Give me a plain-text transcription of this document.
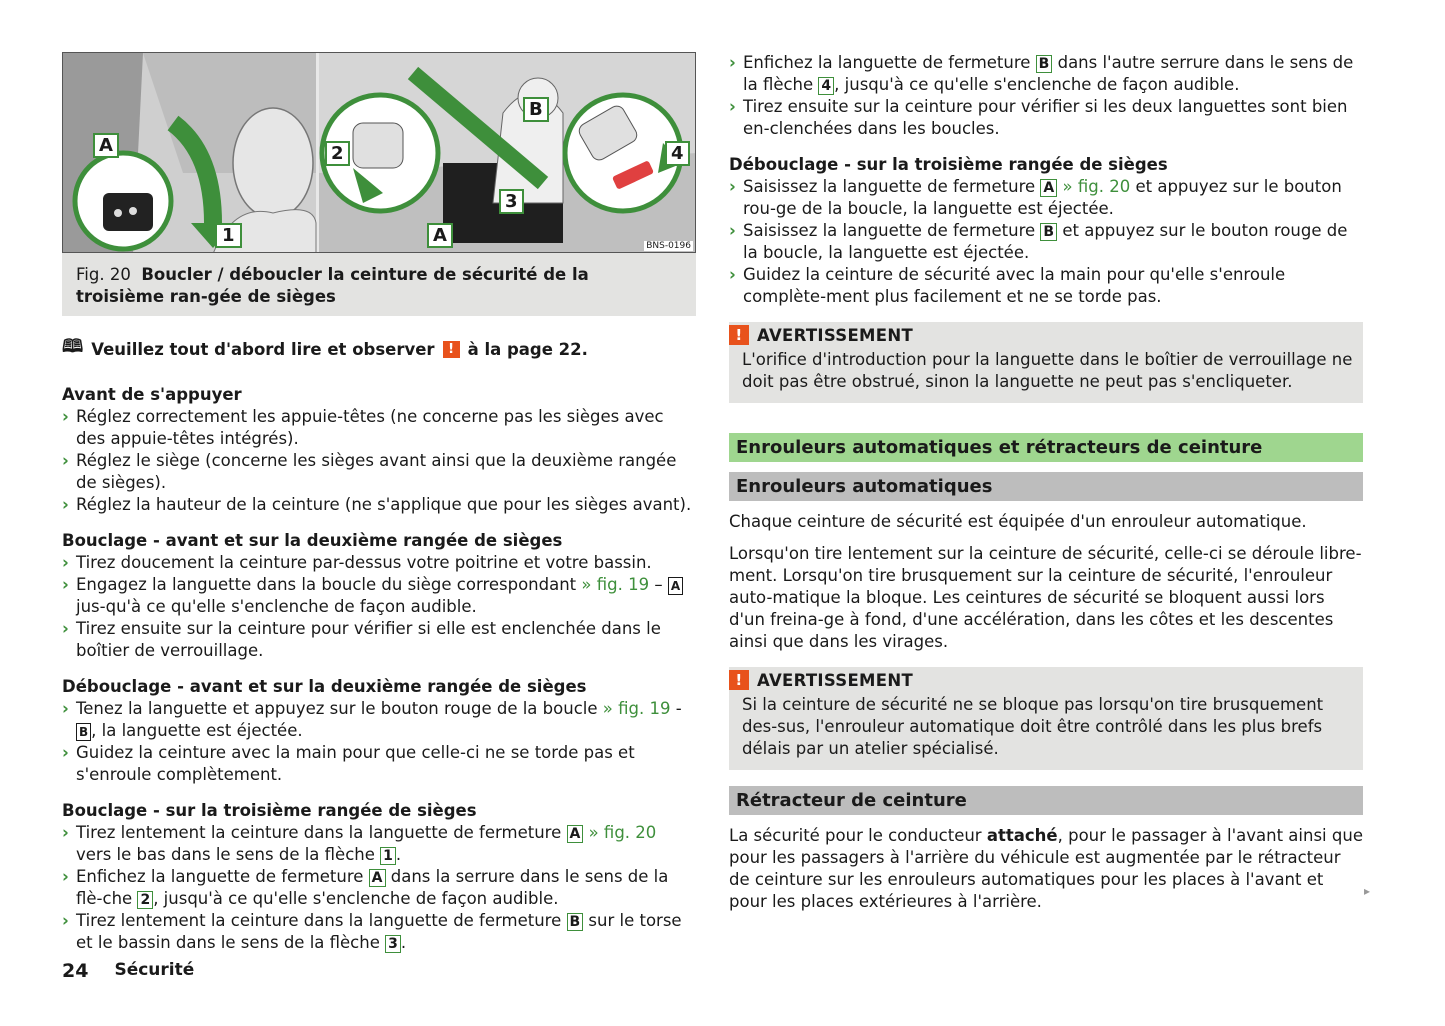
A
1
2
3
A
B
4
BNS-0196
Fig. 20 Boucler / déboucler la ceinture de sécurité de la troisième ran-gée de sièges
🕮 Veuillez tout d'abord lire et observer	! à la page 22.
Avant de s'appuyer
› Réglez correctement les appuie-têtes (ne concerne pas les sièges avec des appuie-têtes intégrés).
› Réglez le siège (concerne les sièges avant ainsi que la deuxième rangée de sièges).
› Réglez la hauteur de la ceinture (ne s'applique que pour les sièges avant).
Bouclage - avant et sur la deuxième rangée de sièges
› Tirez doucement la ceinture par-dessus votre poitrine et votre bassin.
› Engagez la languette dans la boucle du siège correspondant » fig. 19 – A jus-qu'à ce qu'elle s'enclenche de façon audible.
› Tirez ensuite sur la ceinture pour vérifier si elle est enclenchée dans le boîtier de verrouillage.
Débouclage - avant et sur la deuxième rangée de sièges
› Tenez la languette et appuyez sur le bouton rouge de la boucle » fig. 19 - B , la languette est éjectée.
› Guidez la ceinture avec la main pour que celle-ci ne se torde pas et s'enroule complètement.
Bouclage - sur la troisième rangée de sièges
› Tirez lentement la ceinture dans la languette de fermeture A » fig. 20 vers le bas dans le sens de la flèche 1 .
› Enfichez la languette de fermeture A dans la serrure dans le sens de la flè-che 2 , jusqu'à ce qu'elle s'enclenche de façon audible.
› Tirez lentement la ceinture dans la languette de fermeture B sur le torse et le bassin dans le sens de la flèche 3 .
› Enfichez la languette de fermeture B dans l'autre serrure dans le sens de la flèche 4 , jusqu'à ce qu'elle s'enclenche de façon audible.
› Tirez ensuite sur la ceinture pour vérifier si les deux languettes sont bien en-clenchées dans les boucles.
Débouclage - sur la troisième rangée de sièges
› Saisissez la languette de fermeture A » fig. 20 et appuyez sur le bouton rou-ge de la boucle, la languette est éjectée.
› Saisissez la languette de fermeture B et appuyez sur le bouton rouge de la boucle, la languette est éjectée.
› Guidez la ceinture de sécurité avec la main pour qu'elle s'enroule complète-ment plus facilement et ne se torde pas.
! AVERTISSEMENT

L'orifice d'introduction pour la languette dans le boîtier de verrouillage ne doit pas être obstrué, sinon la languette ne peut pas s'encliqueter.

Enrouleurs automatiques et rétracteurs de ceinture
Enrouleurs automatiques
Chaque ceinture de sécurité est équipée d'un enrouleur automatique.
Lorsqu'on tire lentement sur la ceinture de sécurité, celle-ci se déroule libre-ment. Lorsqu'on tire brusquement sur la ceinture de sécurité, l'enrouleur auto-matique la bloque. Les ceintures de sécurité se bloquent aussi lors d'un freina-ge à fond, d'une accélération, dans les côtes et les descentes ainsi que dans les virages.
! AVERTISSEMENT

Si la ceinture de sécurité ne se bloque pas lorsqu'on tire brusquement des-sus, l'enrouleur automatique doit être contrôlé dans les plus brefs délais par un atelier spécialisé.

Rétracteur de ceinture
La sécurité pour le conducteur attaché, pour le passager à l'avant ainsi que pour les passagers à l'arrière du véhicule est augmentée par le rétracteur de ceinture sur les enrouleurs automatiques pour les places à l'avant et pour les places extérieures à l'arrière.
▸
24 Sécurité
